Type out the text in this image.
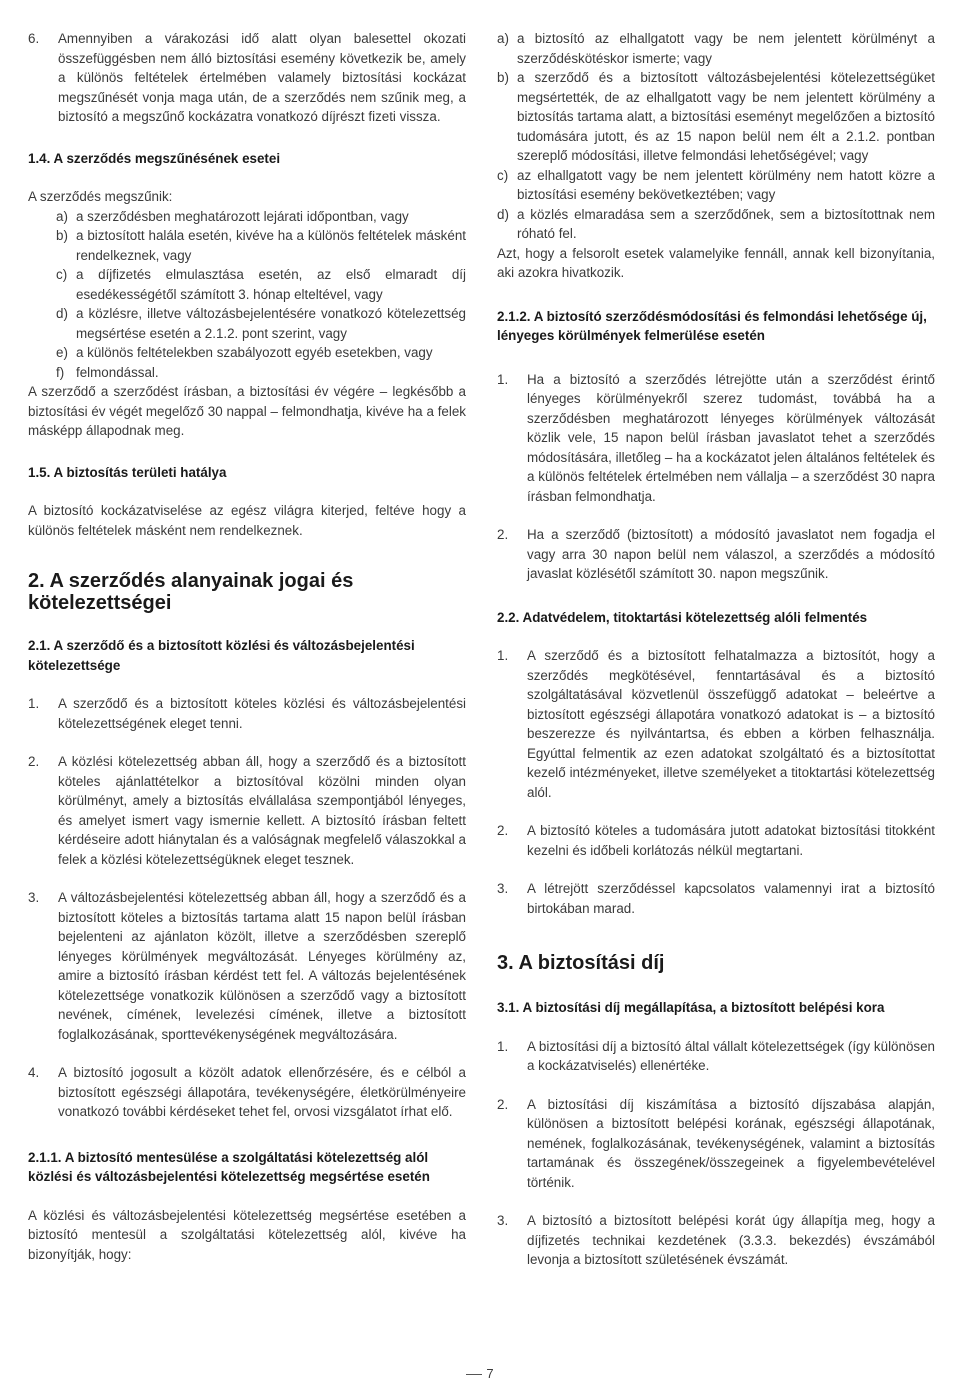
6. Amennyiben a várakozási idő alatt olyan balesettel okozati összefüggésben nem álló biztosítási esemény következik be, amely a különös feltételek értelmében valamely biztosítási kockázat megszűnését vonja maga után, de a szerződés nem szűnik meg, a biztosító a megszűnő kockázatra vonatkozó díjrészt fizeti vissza.
1.4. A szerződés megszűnésének esetei

A szerződés megszűnik:

a) a szerződésben meghatározott lejárati időpontban, vagy
b) a biztosított halála esetén, kivéve ha a különös feltételek másként rendelkeznek, vagy
c) a díjfizetés elmulasztása esetén, az első elmaradt díj esedékességétől számított 3. hónap elteltével, vagy
d) a közlésre, illetve változásbejelentésére vonatkozó kötelezettség megsértése esetén a 2.1.2. pont szerint, vagy
e) a különös feltételekben szabályozott egyéb esetekben, vagy
f) felmondással.

A szerződő a szerződést írásban, a biztosítási év végére – legkésőbb a biztosítási év végét megelőző 30 nappal – felmondhatja, kivéve ha a felek másképp állapodnak meg.

1.5. A biztosítás területi hatálya

A biztosító kockázatviselése az egész világra kiterjed, feltéve hogy a különös feltételek másként nem rendelkeznek.

2. A szerződés alanyainak jogai és kötelezettségei
2.1. A szerződő és a biztosított közlési és változásbejelentési kötelezettsége
1. A szerződő és a biztosított köteles közlési és változásbejelentési kötelezettségének eleget tenni.
2. A közlési kötelezettség abban áll, hogy a szerződő és a biztosított köteles ajánlattételkor a biztosítóval közölni minden olyan körülményt, amely a biztosítás elvállalása szempontjából lényeges, és amelyet ismert vagy ismernie kellett. A biztosító írásban feltett kérdéseire adott hiánytalan és a valóságnak megfelelő válaszokkal a felek a közlési kötelezettségüknek eleget tesznek.
3. A változásbejelentési kötelezettség abban áll, hogy a szerződő és a biztosított köteles a biztosítás tartama alatt 15 napon belül írásban bejelenteni az ajánlaton közölt, illetve a szerződésben szereplő lényeges körülmények megváltozását. Lényeges körülmény az, amire a biztosító írásban kérdést tett fel. A változás bejelentésének kötelezettsége vonatkozik különösen a szerződő vagy a biztosított nevének, címének, levelezési címének, illetve a biztosított foglalkozásának, sporttevékenységének megváltozására.
4. A biztosító jogosult a közölt adatok ellenőrzésére, és e célból a biztosított egészségi állapotára, tevékenységére, életkörülményeire vonatkozó további kérdéseket tehet fel, orvosi vizsgálatot írhat elő.
2.1.1. A biztosító mentesülése a szolgáltatási kötelezettség alól közlési és változásbejelentési kötelezettség megsértése esetén

A közlési és változásbejelentési kötelezettség megsértése esetében a biztosító mentesül a szolgáltatási kötelezettség alól, kivéve ha bizonyítják, hogy:

a) a biztosító az elhallgatott vagy be nem jelentett körülményt a szerződéskötéskor ismerte; vagy
b) a szerződő és a biztosított változásbejelentési kötelezettségüket megsértették, de az elhallgatott vagy be nem jelentett körülmény a biztosítás tartama alatt, a biztosítási eseményt megelőzően a biztosító tudomására jutott, és az 15 napon belül nem élt a 2.1.2. pontban szereplő módosítási, illetve felmondási lehetőségével; vagy
c) az elhallgatott vagy be nem jelentett körülmény nem hatott közre a biztosítási esemény bekövetkeztében; vagy
d) a közlés elmaradása sem a szerződőnek, sem a biztosítottnak nem róható fel.

Azt, hogy a felsorolt esetek valamelyike fennáll, annak kell bizonyítania, aki azokra hivatkozik.

2.1.2. A biztosító szerződésmódosítási és felmondási lehetősége új, lényeges körülmények felmerülése esetén
1. Ha a biztosító a szerződés létrejötte után a szerződést érintő lényeges körülményekről szerez tudomást, továbbá ha a szerződésben meghatározott lényeges körülmények változását közlik vele, 15 napon belül írásban javaslatot tehet a szerződés módosítására, illetőleg – ha a kockázatot jelen általános feltételek és a különös feltételek értelmében nem vállalja – a szerződést 30 napra írásban felmondhatja.
2. Ha a szerződő (biztosított) a módosító javaslatot nem fogadja el vagy arra 30 napon belül nem válaszol, a szerződés a módosító javaslat közlésétől számított 30. napon megszűnik.
2.2. Adatvédelem, titoktartási kötelezettség alóli felmentés
1. A szerződő és a biztosított felhatalmazza a biztosítót, hogy a szerződés megkötésével, fenntartásával és a biztosító szolgáltatásával közvetlenül összefüggő adatokat – beleértve a biztosított egészségi állapotára vonatkozó adatokat is – a biztosító beszerezze és nyilvántartsa, és ebben a körben felhasználja. Egyúttal felmentik az ezen adatokat szolgáltató és a biztosítottat kezelő intézményeket, illetve személyeket a titoktartási kötelezettség alól.
2. A biztosító köteles a tudomására jutott adatokat biztosítási titokként kezelni és időbeli korlátozás nélkül megtartani.
3. A létrejött szerződéssel kapcsolatos valamennyi irat a biztosító birtokában marad.
3. A biztosítási díj
3.1. A biztosítási díj megállapítása, a biztosított belépési kora
1. A biztosítási díj a biztosító által vállalt kötelezettségek (így különösen a kockázatviselés) ellenértéke.
2. A biztosítási díj kiszámítása a biztosító díjszabása alapján, különösen a biztosított belépési korának, egészségi állapotának, nemének, foglalkozásának, tevékenységének, valamint a biztosítás tartamának és összegének/összegeinek a figyelembevételével történik.
3. A biztosító a biztosított belépési korát úgy állapítja meg, hogy a díjfizetés technikai kezdetének (3.3.3. bekezdés) évszámából levonja a biztosított születésének évszámát.
7
